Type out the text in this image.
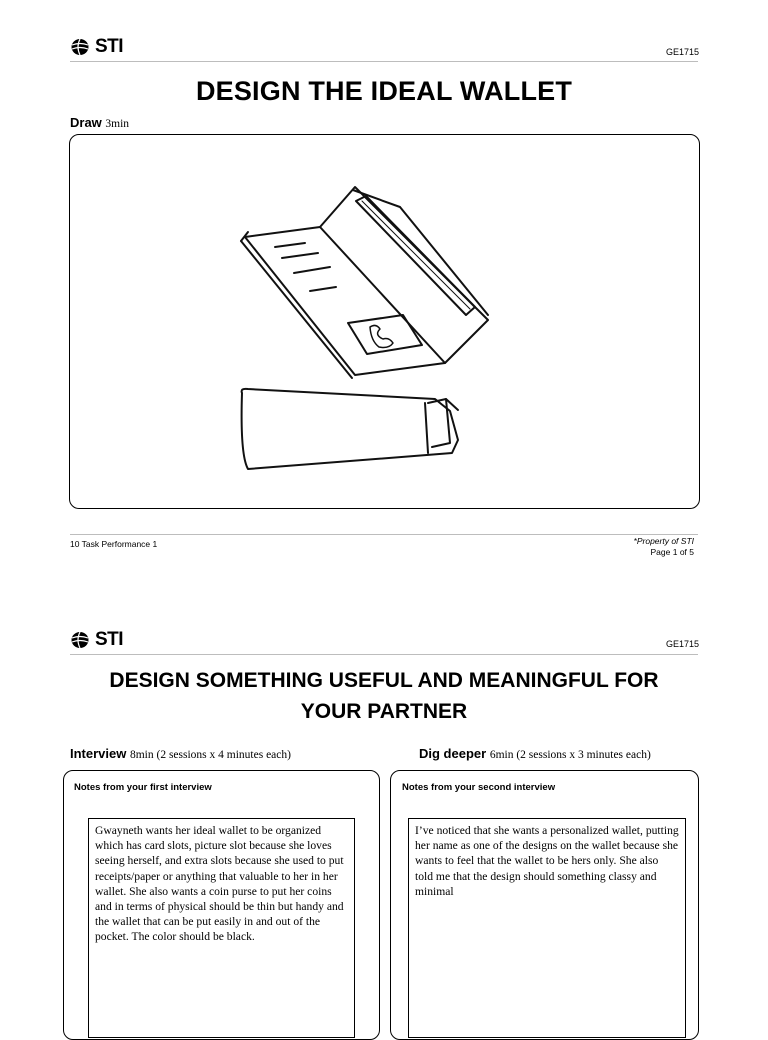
STI	GE1715
DESIGN THE IDEAL WALLET
Draw 3min
10 Task Performance 1	*Property of STI
Page 1 of 5
STI	GE1715
DESIGN SOMETHING USEFUL AND MEANINGFUL FOR
YOUR PARTNER
Interview 8min (2 sessions x 4 minutes each)	Dig deeper 6min (2 sessions x 3 minutes each)
Notes from your first interview
Gwayneth wants her ideal wallet to be organized which has card slots, picture slot because she loves seeing herself, and extra slots because she used to put receipts/paper or anything that valuable to her in her wallet. She also wants a coin purse to put her coins and in terms of physical should be thin but handy and the wallet that can be put easily in and out of the pocket. The color should be black.
Notes from your second interview
I’ve noticed that she wants a personalized wallet, putting her name as one of the designs on the wallet because she wants to feel that the wallet to be hers only. She also told me that the design should something classy and minimal
